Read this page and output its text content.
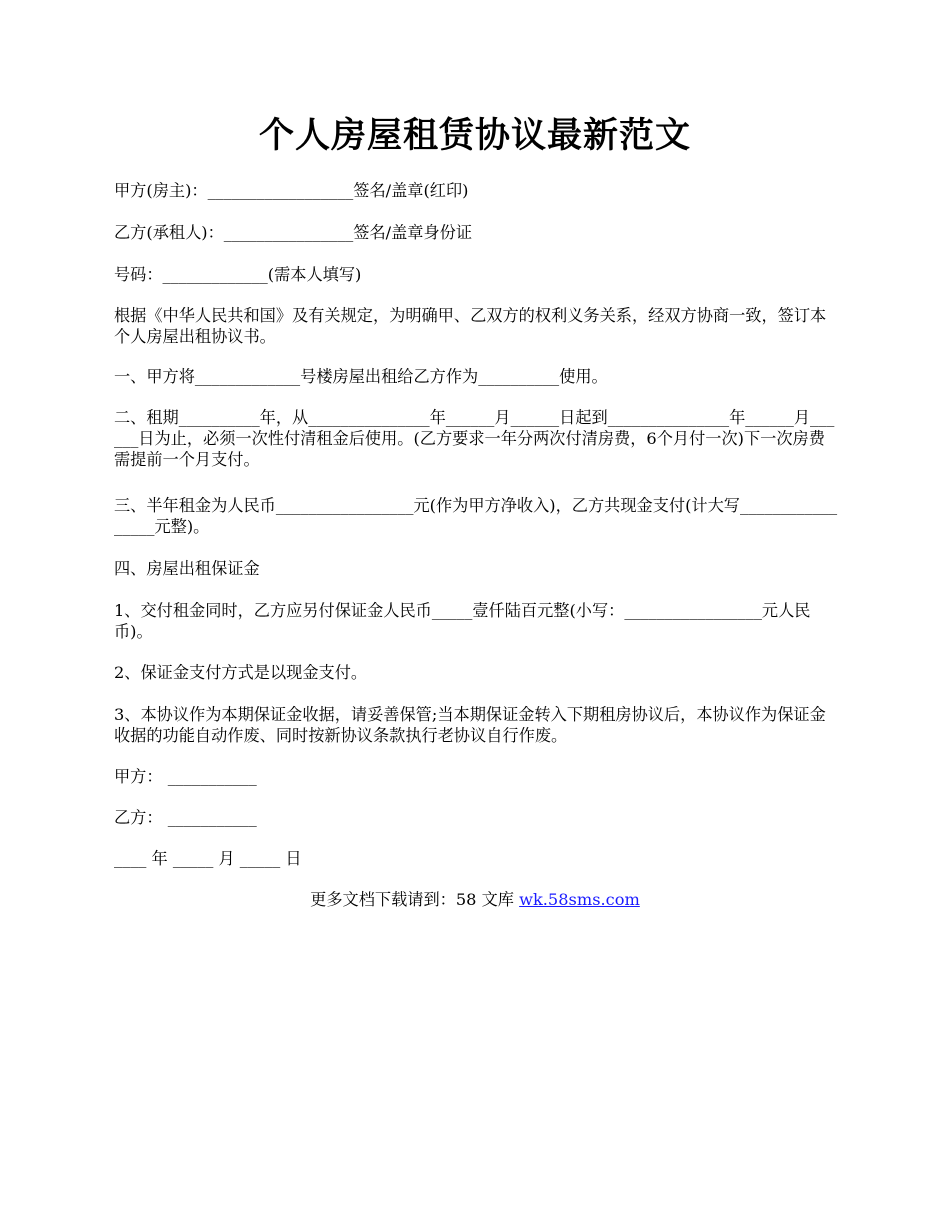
个人房屋租赁协议最新范文

甲方(房主)：__________________签名/盖章(红印)

乙方(承租人)：________________签名/盖章身份证

号码：_____________(需本人填写)

根据《中华人民共和国》及有关规定，为明确甲、乙双方的权利义务关系，经双方协商一致，签订本个人房屋出租协议书。

一、甲方将_____________号楼房屋出租给乙方作为__________使用。

二、租期__________年，从_______________年______月______日起到_______________年______月______日为止，必须一次性付清租金后使用。(乙方要求一年分两次付清房费，6个月付一次)下一次房费需提前一个月支付。

三、半年租金为人民币_________________元(作为甲方净收入)，乙方共现金支付(计大写_________________元整)。

四、房屋出租保证金

1、交付租金同时，乙方应另付保证金人民币_____壹仟陆百元整(小写：_________________元人民币)。

2、保证金支付方式是以现金支付。

3、本协议作为本期保证金收据，请妥善保管;当本期保证金转入下期租房协议后，本协议作为保证金收据的功能自动作废、同时按新协议条款执行老协议自行作废。

甲方： ___________

乙方： ___________

____ 年 _____ 月 _____ 日

更多文档下载请到：58 文库 wk.58sms.com
